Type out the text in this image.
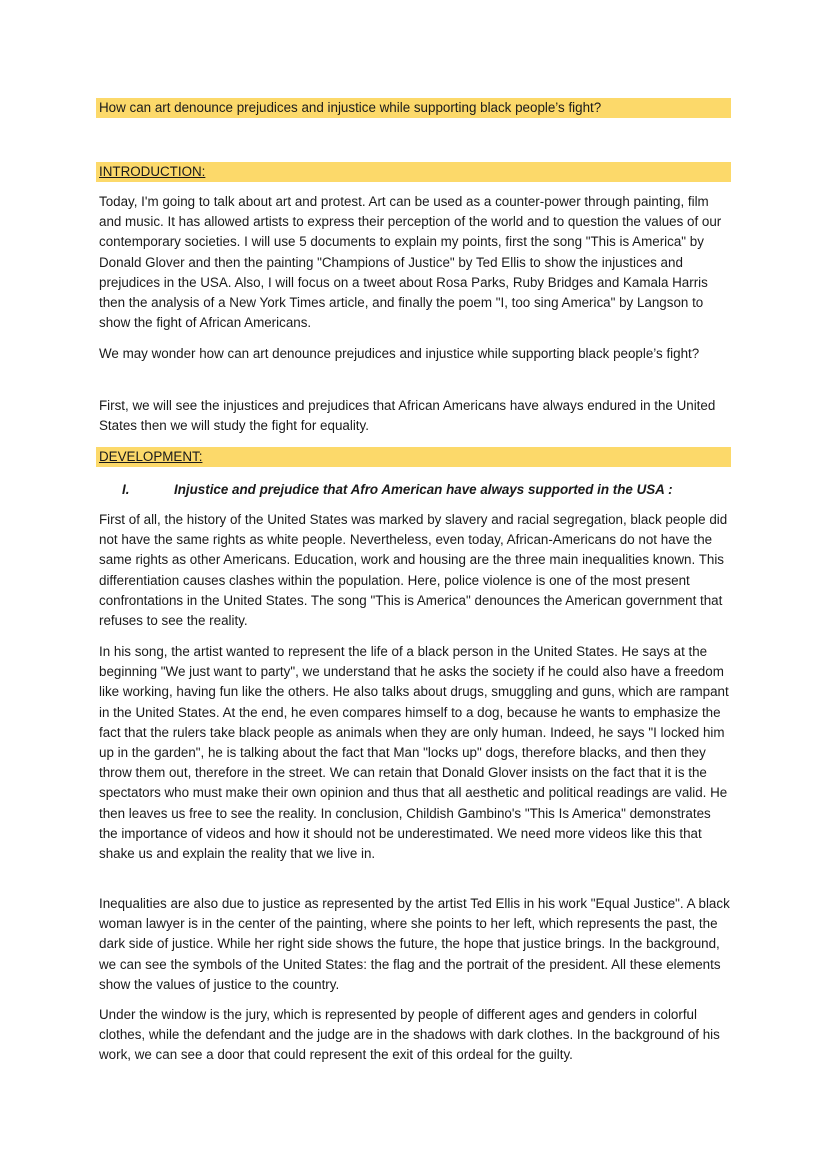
How can art denounce prejudices and injustice while supporting black people’s fight?
INTRODUCTION:

Today, I'm going to talk about art and protest. Art can be used as a counter-power through painting, film and music. It has allowed artists to express their perception of the world and to question the values of our contemporary societies. I will use 5 documents to explain my points, first the song "This is America" by Donald Glover and then the painting "Champions of Justice" by Ted Ellis to show the injustices and prejudices in the USA. Also, I will focus on a tweet about Rosa Parks, Ruby Bridges and Kamala Harris then the analysis of a New York Times article, and finally the poem "I, too sing America" by Langson to show the fight of African Americans.

We may wonder how can art denounce prejudices and injustice while supporting black people’s fight?

First, we will see the injustices and prejudices that African Americans have always endured in the United States then we will study the fight for equality.

DEVELOPMENT:
I.	Injustice and prejudice that Afro American have always supported in the USA :

First of all, the history of the United States was marked by slavery and racial segregation, black people did not have the same rights as white people. Nevertheless, even today, African-Americans do not have the same rights as other Americans. Education, work and housing are the three main inequalities known. This differentiation causes clashes within the population. Here, police violence is one of the most present confrontations in the United States. The song "This is America" denounces the American government that refuses to see the reality.

In his song, the artist wanted to represent the life of a black person in the United States. He says at the beginning "We just want to party", we understand that he asks the society if he could also have a freedom like working, having fun like the others. He also talks about drugs, smuggling and guns, which are rampant in the United States. At the end, he even compares himself to a dog, because he wants to emphasize the fact that the rulers take black people as animals when they are only human. Indeed, he says "I locked him up in the garden", he is talking about the fact that Man "locks up" dogs, therefore blacks, and then they throw them out, therefore in the street. We can retain that Donald Glover insists on the fact that it is the spectators who must make their own opinion and thus that all aesthetic and political readings are valid. He then leaves us free to see the reality. In conclusion, Childish Gambino's "This Is America" demonstrates the importance of videos and how it should not be underestimated. We need more videos like this that shake us and explain the reality that we live in.

Inequalities are also due to justice as represented by the artist Ted Ellis in his work "Equal Justice". A black woman lawyer is in the center of the painting, where she points to her left, which represents the past, the dark side of justice. While her right side shows the future, the hope that justice brings. In the background, we can see the symbols of the United States: the flag and the portrait of the president. All these elements show the values of justice to the country.

Under the window is the jury, which is represented by people of different ages and genders in colorful clothes, while the defendant and the judge are in the shadows with dark clothes. In the background of his work, we can see a door that could represent the exit of this ordeal for the guilty.
